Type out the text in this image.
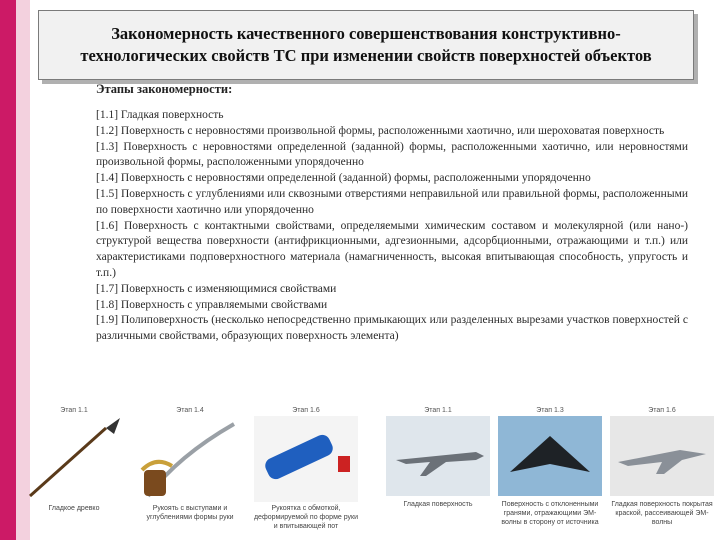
Закономерность качественного совершенствования конструктивно-технологических свойств ТС при изменении свойств поверхностей объектов
Этапы закономерности:

[1.1] Гладкая поверхность

[1.2] Поверхность с неровностями произвольной формы, расположенными хаотично, или шероховатая поверхность

[1.3] Поверхность с неровностями определенной (заданной) формы, расположенными хаотично, или неровностями произвольной формы, расположенными упорядоченно

[1.4] Поверхность с неровностями определенной (заданной) формы, расположенными упорядоченно

[1.5] Поверхность с углублениями или сквозными отверстиями неправильной или правильной формы, расположенными по поверхности хаотично или упорядоченно

[1.6] Поверхность с контактными свойствами, определяемыми химическим составом и молекулярной (или нано-) структурой вещества поверхности (антифрикционными, адгезионными, адсорбционными, отражающими и т.п.) или характеристиками подповерхностного материала (намагниченность, высокая впитывающая способность, упругость и т.п.)

[1.7] Поверхность с изменяющимися свойствами

[1.8] Поверхность с управляемыми свойствами

[1.9] Полиповерхность (несколько непосредственно примыкающих или разделенных вырезами участков поверхностей с различными свойствами, образующих поверхность элемента)

Этап 1.1
Гладкое древко
Этап 1.4
Рукоять с выступами и углублениями формы руки
Этап 1.6
Рукоятка с обмоткой, деформируемой по форме руки и впитывающей пот
Этап 1.1
Гладкая поверхность
Этап 1.3
Поверхность с отклоненными гранями, отражающими ЭМ-волны в сторону от источника
Этап 1.6
Гладкая поверхность покрытая краской, рассеивающей ЭМ-волны
